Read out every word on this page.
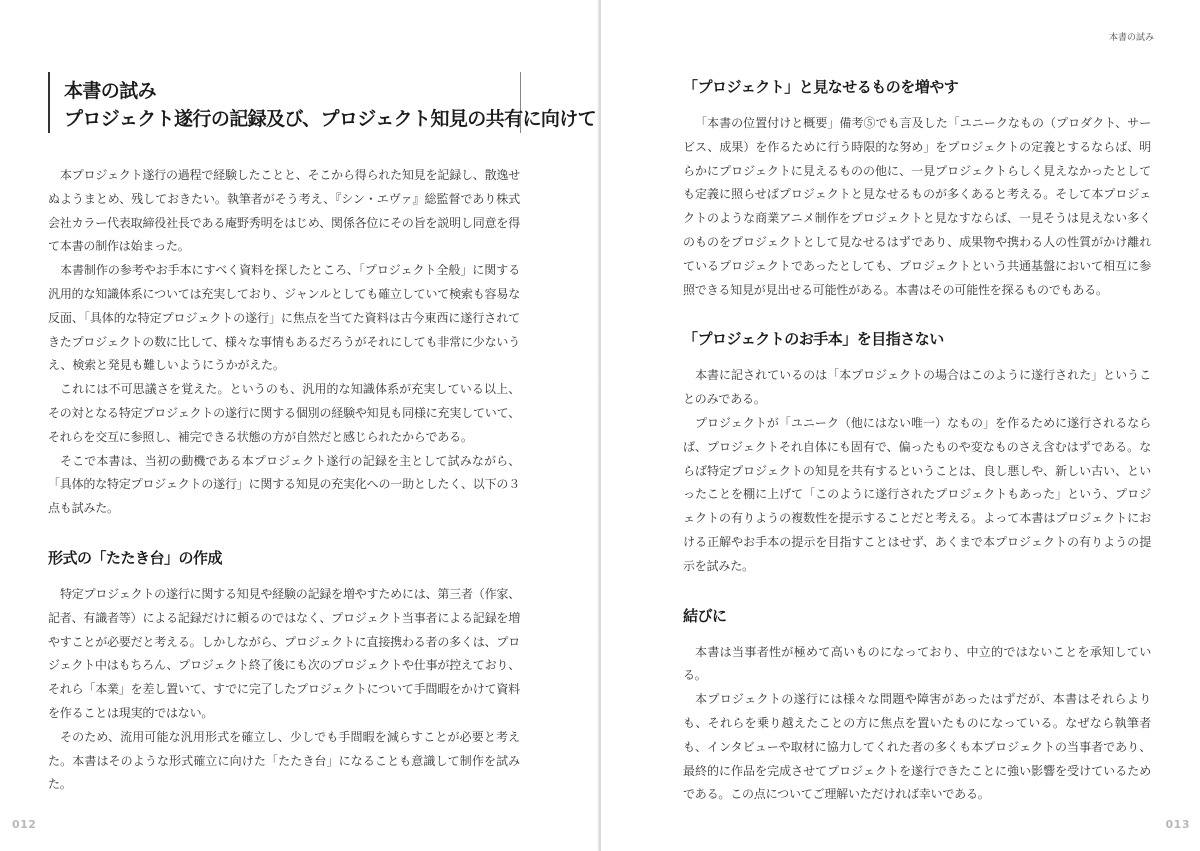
本書の試み

プロジェクト遂行の記録及び、プロジェクト知見の共有に向けて

本プロジェクト遂行の過程で経験したことと、そこから得られた知見を記録し、散逸せぬようまとめ、残しておきたい。執筆者がそう考え、『シン・エヴァ』総監督であり株式会社カラー代表取締役社長である庵野秀明をはじめ、関係各位にその旨を説明し同意を得て本書の制作は始まった。

本書制作の参考やお手本にすべく資料を探したところ、「プロジェクト全般」に関する汎用的な知識体系については充実しており、ジャンルとしても確立していて検索も容易な反面、「具体的な特定プロジェクトの遂行」に焦点を当てた資料は古今東西に遂行されてきたプロジェクトの数に比して、様々な事情もあるだろうがそれにしても非常に少ないうえ、検索と発見も難しいようにうかがえた。

これには不可思議さを覚えた。というのも、汎用的な知識体系が充実している以上、その対となる特定プロジェクトの遂行に関する個別の経験や知見も同様に充実していて、それらを交互に参照し、補完できる状態の方が自然だと感じられたからである。

そこで本書は、当初の動機である本プロジェクト遂行の記録を主として試みながら、「具体的な特定プロジェクトの遂行」に関する知見の充実化への一助としたく、以下の３点も試みた。

形式の「たたき台」の作成

特定プロジェクトの遂行に関する知見や経験の記録を増やすためには、第三者（作家、記者、有識者等）による記録だけに頼るのではなく、プロジェクト当事者による記録を増やすことが必要だと考える。しかしながら、プロジェクトに直接携わる者の多くは、プロジェクト中はもちろん、プロジェクト終了後にも次のプロジェクトや仕事が控えており、それら「本業」を差し置いて、すでに完了したプロジェクトについて手間暇をかけて資料を作ることは現実的ではない。

そのため、流用可能な汎用形式を確立し、少しでも手間暇を減らすことが必要と考えた。本書はそのような形式確立に向けた「たたき台」になることも意識して制作を試みた。

012
本書の試み
「プロジェクト」と見なせるものを増やす

「本書の位置付けと概要」備考⑤でも言及した「ユニークなもの（プロダクト、サービス、成果）を作るために行う時限的な努め」をプロジェクトの定義とするならば、明らかにプロジェクトに見えるものの他に、一見プロジェクトらしく見えなかったとしても定義に照らせばプロジェクトと見なせるものが多くあると考える。そして本プロジェクトのような商業アニメ制作をプロジェクトと見なすならば、一見そうは見えない多くのものをプロジェクトとして見なせるはずであり、成果物や携わる人の性質がかけ離れているプロジェクトであったとしても、プロジェクトという共通基盤において相互に参照できる知見が見出せる可能性がある。本書はその可能性を探るものでもある。

「プロジェクトのお手本」を目指さない

本書に記されているのは「本プロジェクトの場合はこのように遂行された」ということのみである。

プロジェクトが「ユニーク（他にはない唯一）なもの」を作るために遂行されるならば、プロジェクトそれ自体にも固有で、偏ったものや変なものさえ含むはずである。ならば特定プロジェクトの知見を共有するということは、良し悪しや、新しい古い、といったことを棚に上げて「このように遂行されたプロジェクトもあった」という、プロジェクトの有りようの複数性を提示することだと考える。よって本書はプロジェクトにおける正解やお手本の提示を目指すことはせず、あくまで本プロジェクトの有りようの提示を試みた。

結びに

本書は当事者性が極めて高いものになっており、中立的ではないことを承知している。

本プロジェクトの遂行には様々な問題や障害があったはずだが、本書はそれらよりも、それらを乗り越えたことの方に焦点を置いたものになっている。なぜなら執筆者も、インタビューや取材に協力してくれた者の多くも本プロジェクトの当事者であり、最終的に作品を完成させてプロジェクトを遂行できたことに強い影響を受けているためである。この点についてご理解いただければ幸いである。

013
